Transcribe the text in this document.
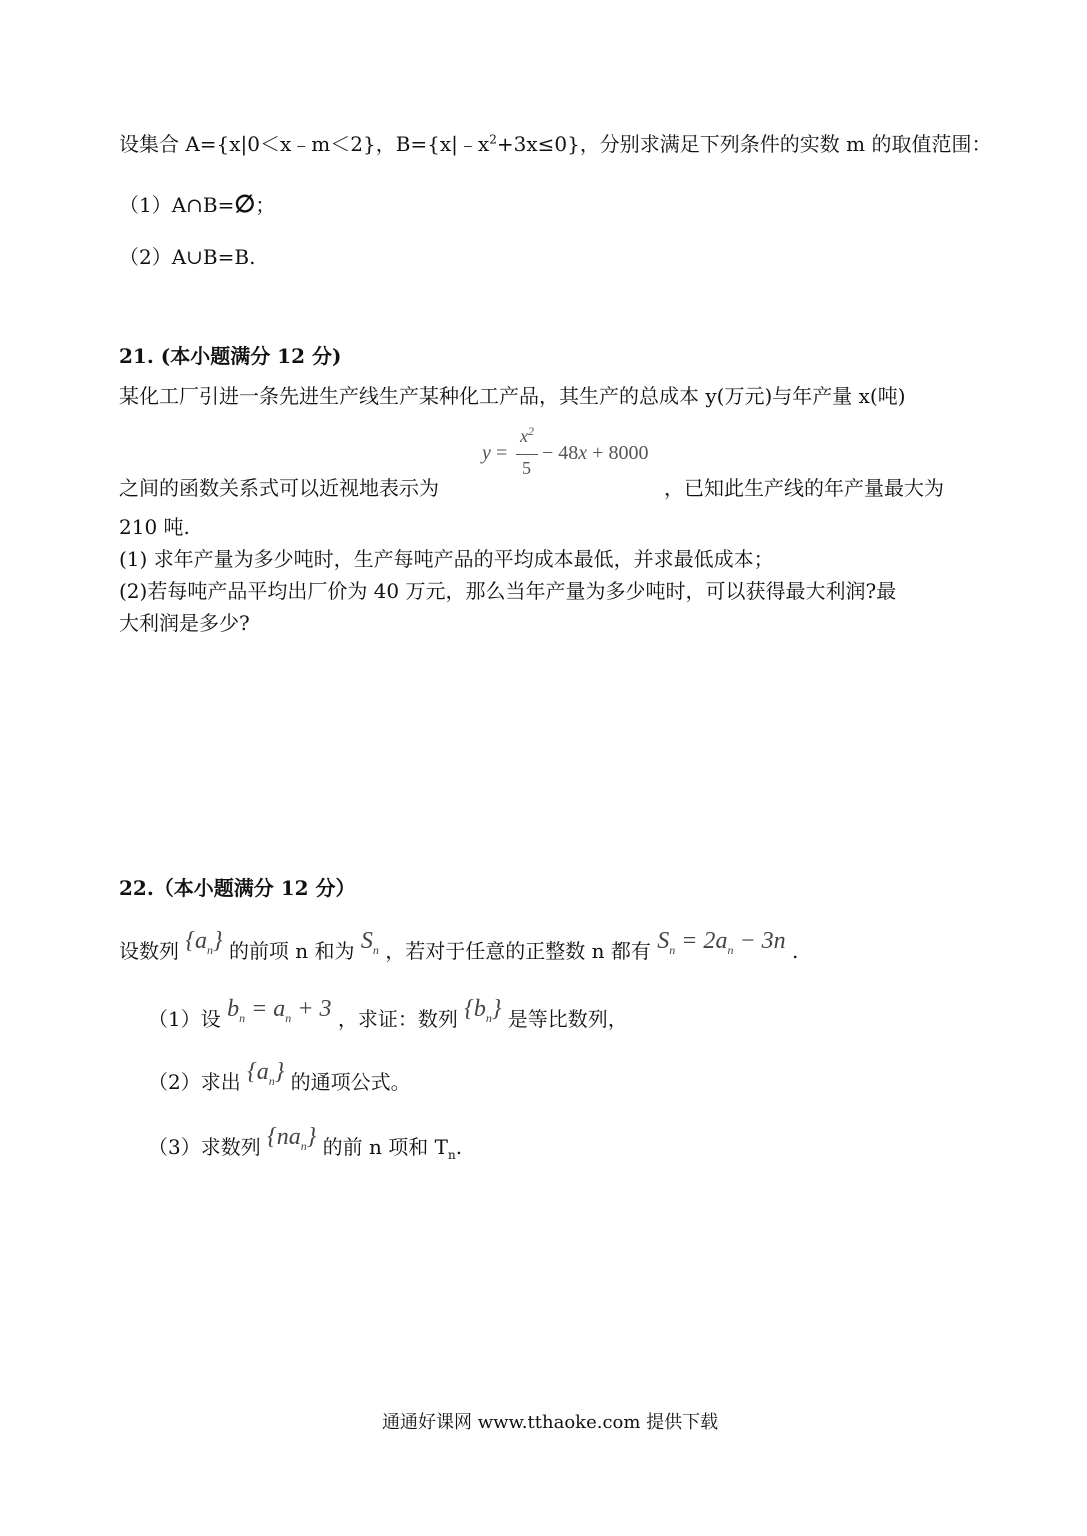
设集合 A={x|0＜x﹣m＜2}，$B=\{x|﹣x^2+3x\le 0\}$，分别求满足下列条件的实数 m 的取值范围：
（1）A∩B=∅；
（2）A∪B=B.
21. (本小题满分 12 分)
某化工厂引进一条先进生产线生产某种化工产品，其生产的总成本 y(万元)与年产量 x(吨)
y =
$x^2$
5
− 48x + 8000
之间的函数关系式可以近视地表示为	，已知此生产线的年产量最大为
210 吨.
(1) 求年产量为多少吨时，生产每吨产品的平均成本最低，并求最低成本；
(2)若每吨产品平均出厂价为 40 万元，那么当年产量为多少吨时，可以获得最大利润?最
大利润是多少?
22.（本小题满分 12 分）
设数列 $\{a_n\}$ 的前项 n 和为 $S_n$ ，若对于任意的正整数 n 都有 $S_n = 2a_n - 3n$ .
（1）设 $b_n = a_n + 3$ ，求证：数列 $\{b_n\}$ 是等比数列，
（2）求出 $\{a_n\}$ 的通项公式。
（3）求数列 $\{na_n\}$ 的前 n 项和 $T_n$.
通通好课网 www.tthaoke.com 提供下载
